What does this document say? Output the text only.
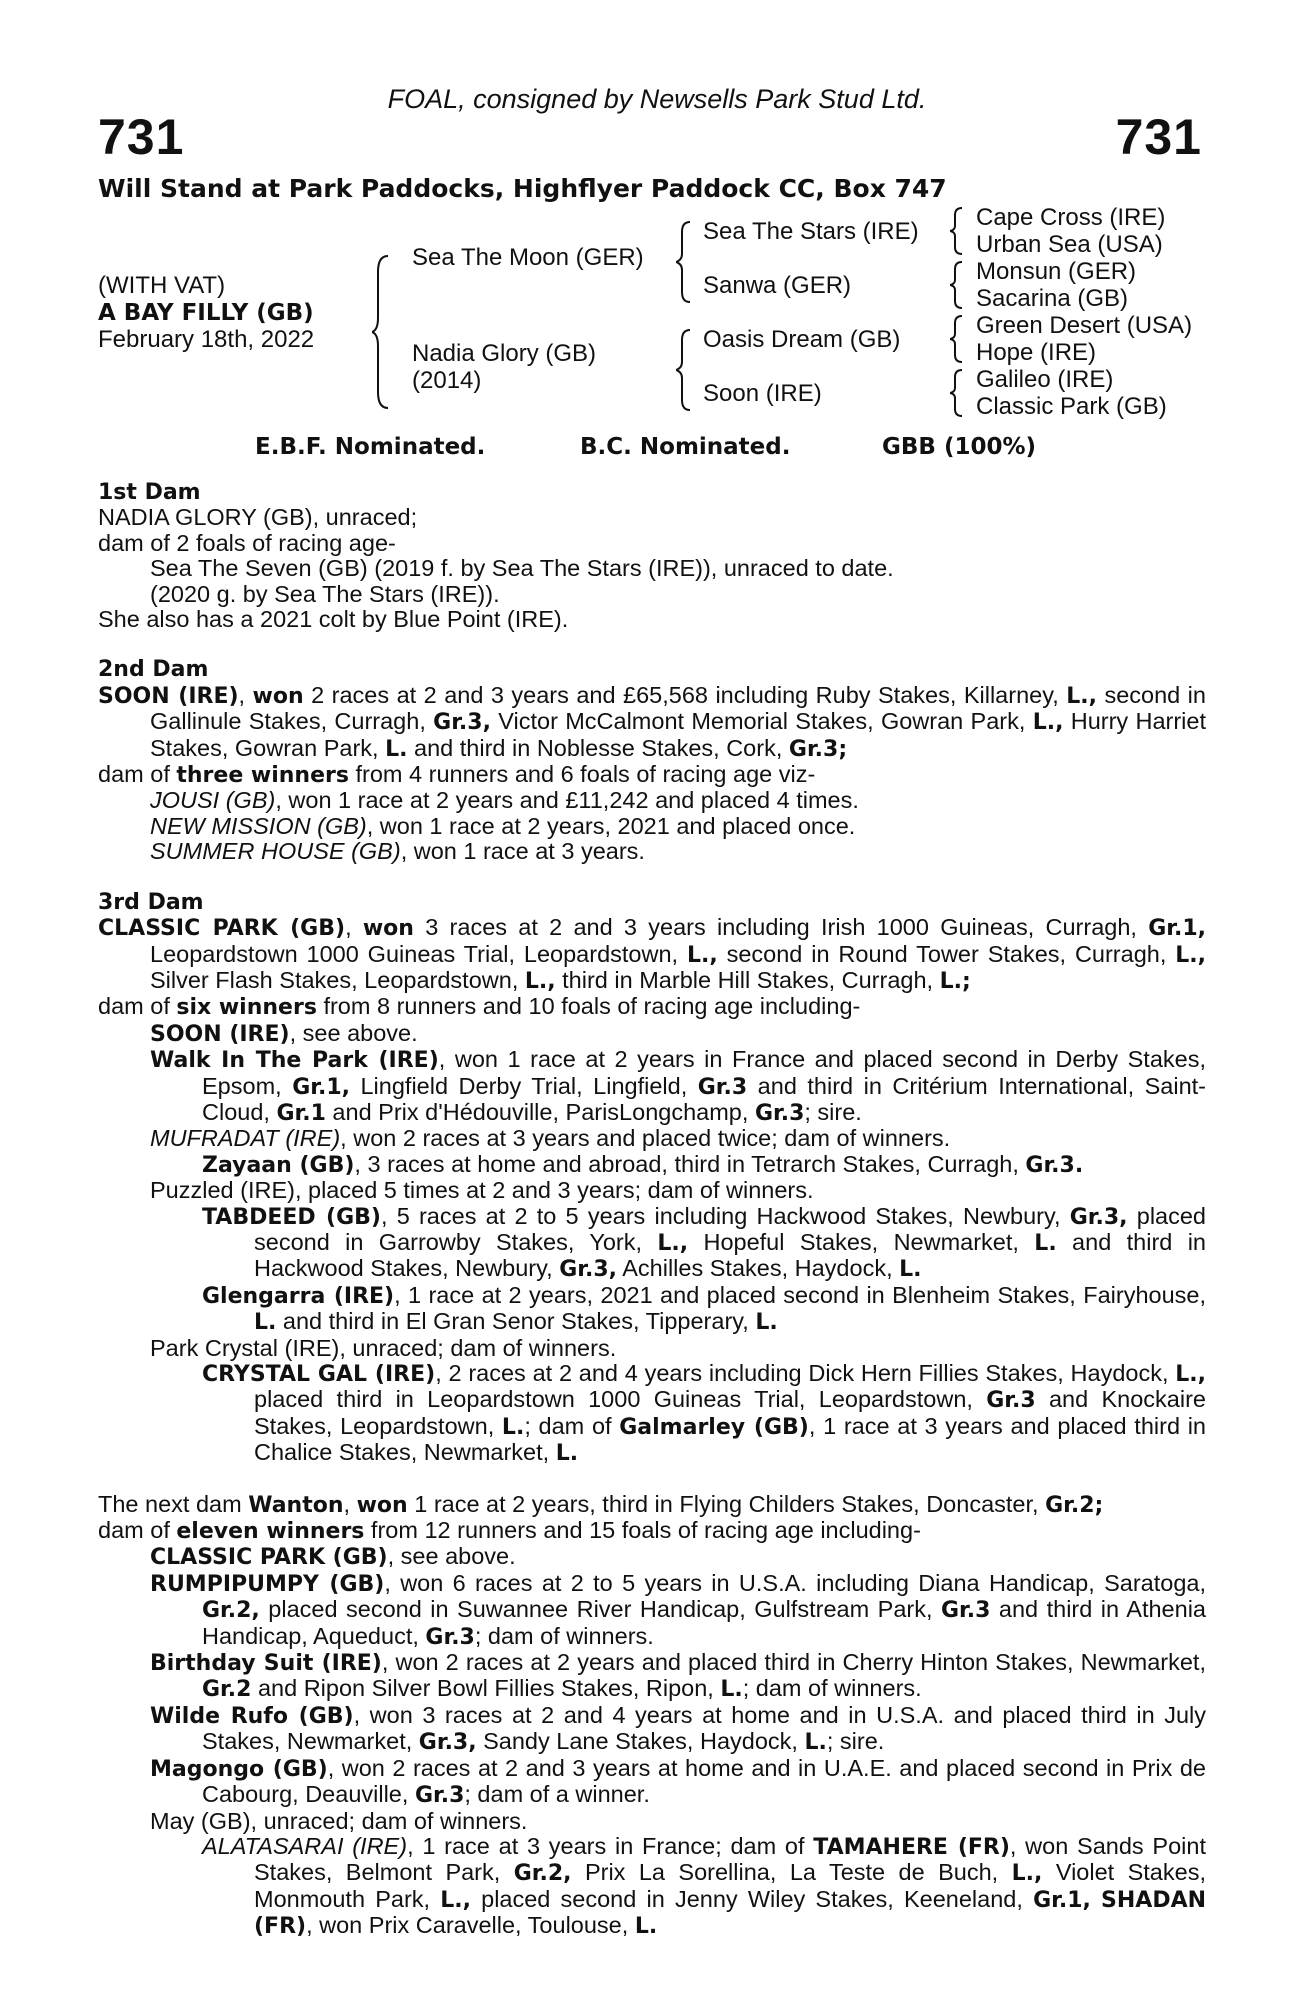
FOAL, consigned by Newsells Park Stud Ltd.
731	731
Will Stand at Park Paddocks, Highflyer Paddock CC, Box 747
(WITH VAT)
A BAY FILLY (GB)
February 18th, 2022
Sea The Moon (GER)
Nadia Glory (GB)
(2014)
Sea The Stars (IRE)
Sanwa (GER)
Oasis Dream (GB)
Soon (IRE)
Cape Cross (IRE)
Urban Sea (USA)
Monsun (GER)
Sacarina (GB)
Green Desert (USA)
Hope (IRE)
Galileo (IRE)
Classic Park (GB)
E.B.F. Nominated.	B.C. Nominated.	GBB (100%)
1st Dam

NADIA GLORY (GB), unraced;

dam of 2 foals of racing age-

Sea The Seven (GB) (2019 f. by Sea The Stars (IRE)), unraced to date.

(2020 g. by Sea The Stars (IRE)).

She also has a 2021 colt by Blue Point (IRE).

2nd Dam

SOON (IRE), won 2 races at 2 and 3 years and £65,568 including Ruby Stakes, Killarney, L., second in Gallinule Stakes, Curragh, Gr.3, Victor McCalmont Memorial Stakes, Gowran Park, L., Hurry Harriet Stakes, Gowran Park, L. and third in Noblesse Stakes, Cork, Gr.3;

dam of three winners from 4 runners and 6 foals of racing age viz-

JOUSI (GB), won 1 race at 2 years and £11,242 and placed 4 times.

NEW MISSION (GB), won 1 race at 2 years, 2021 and placed once.

SUMMER HOUSE (GB), won 1 race at 3 years.

3rd Dam

CLASSIC PARK (GB), won 3 races at 2 and 3 years including Irish 1000 Guineas, Curragh, Gr.1, Leopardstown 1000 Guineas Trial, Leopardstown, L., second in Round Tower Stakes, Curragh, L., Silver Flash Stakes, Leopardstown, L., third in Marble Hill Stakes, Curragh, L.;

dam of six winners from 8 runners and 10 foals of racing age including-

SOON (IRE), see above.

Walk In The Park (IRE), won 1 race at 2 years in France and placed second in Derby Stakes, Epsom, Gr.1, Lingfield Derby Trial, Lingfield, Gr.3 and third in Critérium International, Saint-Cloud, Gr.1 and Prix d'Hédouville, ParisLongchamp, Gr.3; sire.

MUFRADAT (IRE), won 2 races at 3 years and placed twice; dam of winners.

Zayaan (GB), 3 races at home and abroad, third in Tetrarch Stakes, Curragh, Gr.3.

Puzzled (IRE), placed 5 times at 2 and 3 years; dam of winners.

TABDEED (GB), 5 races at 2 to 5 years including Hackwood Stakes, Newbury, Gr.3, placed second in Garrowby Stakes, York, L., Hopeful Stakes, Newmarket, L. and third in Hackwood Stakes, Newbury, Gr.3, Achilles Stakes, Haydock, L.

Glengarra (IRE), 1 race at 2 years, 2021 and placed second in Blenheim Stakes, Fairyhouse, L. and third in El Gran Senor Stakes, Tipperary, L.

Park Crystal (IRE), unraced; dam of winners.

CRYSTAL GAL (IRE), 2 races at 2 and 4 years including Dick Hern Fillies Stakes, Haydock, L., placed third in Leopardstown 1000 Guineas Trial, Leopardstown, Gr.3 and Knockaire Stakes, Leopardstown, L.; dam of Galmarley (GB), 1 race at 3 years and placed third in Chalice Stakes, Newmarket, L.

The next dam Wanton, won 1 race at 2 years, third in Flying Childers Stakes, Doncaster, Gr.2;

dam of eleven winners from 12 runners and 15 foals of racing age including-

CLASSIC PARK (GB), see above.

RUMPIPUMPY (GB), won 6 races at 2 to 5 years in U.S.A. including Diana Handicap, Saratoga, Gr.2, placed second in Suwannee River Handicap, Gulfstream Park, Gr.3 and third in Athenia Handicap, Aqueduct, Gr.3; dam of winners.

Birthday Suit (IRE), won 2 races at 2 years and placed third in Cherry Hinton Stakes, Newmarket, Gr.2 and Ripon Silver Bowl Fillies Stakes, Ripon, L.; dam of winners.

Wilde Rufo (GB), won 3 races at 2 and 4 years at home and in U.S.A. and placed third in July Stakes, Newmarket, Gr.3, Sandy Lane Stakes, Haydock, L.; sire.

Magongo (GB), won 2 races at 2 and 3 years at home and in U.A.E. and placed second in Prix de Cabourg, Deauville, Gr.3; dam of a winner.

May (GB), unraced; dam of winners.

ALATASARAI (IRE), 1 race at 3 years in France; dam of TAMAHERE (FR), won Sands Point Stakes, Belmont Park, Gr.2, Prix La Sorellina, La Teste de Buch, L., Violet Stakes, Monmouth Park, L., placed second in Jenny Wiley Stakes, Keeneland, Gr.1, SHADAN (FR), won Prix Caravelle, Toulouse, L.
